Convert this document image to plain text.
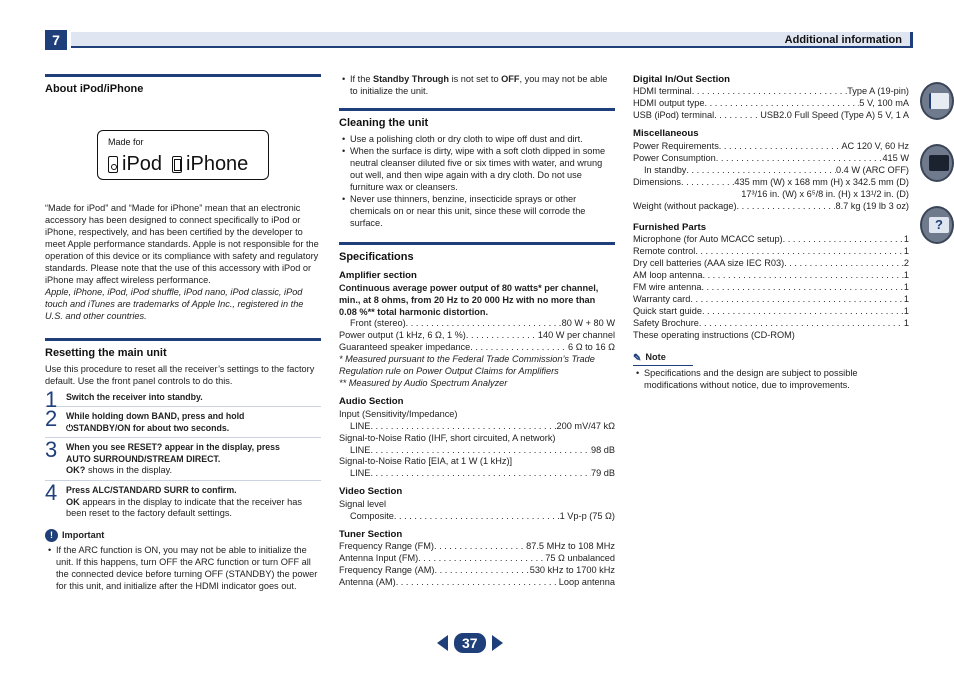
7	Additional information
About iPod/iPhone
Made for
iPod iPhone

“Made for iPod” and “Made for iPhone” mean that an electronic accessory has been designed to connect specifically to iPod or iPhone, respectively, and has been certified by the developer to meet Apple performance standards. Apple is not responsible for the operation of this device or its compliance with safety and regulatory standards. Please note that the use of this accessory with iPod or iPhone may affect wireless performance.

Apple, iPhone, iPod, iPod shuffle, iPod nano, iPod classic, iPod touch and iTunes are trademarks of Apple Inc., registered in the U.S. and other countries.

Resetting the main unit

Use this procedure to reset all the receiver’s settings to the factory default. Use the front panel controls to do this.

1 Switch the receiver into standby.
2 While holding down BAND, press and hold
⏻STANDBY/ON for about two seconds.
3 When you see RESET? appear in the display, press
AUTO SURROUND/STREAM DIRECT.

OK? shows in the display.

4 Press ALC/STANDARD SURR to confirm.

OK appears in the display to indicate that the receiver has been reset to the factory default settings.

! Important

• If the ARC function is ON, you may not be able to initialize the unit. If this happens, turn OFF the ARC function or turn OFF all the connected device before turning OFF (STANDBY) the power for this unit, and initialize after the HDMI indicator goes out.

• If the Standby Through is not set to OFF, you may not be able to initialize the unit.

Cleaning the unit

• Use a polishing cloth or dry cloth to wipe off dust and dirt.

• When the surface is dirty, wipe with a soft cloth dipped in some neutral cleanser diluted five or six times with water, and wrung out well, and then wipe again with a dry cloth. Do not use furniture wax or cleansers.

• Never use thinners, benzine, insecticide sprays or other chemicals on or near this unit, since these will corrode the surface.

Specifications
Amplifier section

Continuous average power output of 80 watts* per channel, min., at 8 ohms, from 20 Hz to 20 000 Hz with no more than 0.08 %** total harmonic distortion.

Front (stereo) . . .	80 W + 80 W
Power output (1 kHz, 6 Ω, 1 %) . . .	140 W per channel
Guaranteed speaker impedance . . .	6 Ω to 16 Ω

* Measured pursuant to the Federal Trade Commission’s Trade Regulation rule on Power Output Claims for Amplifiers

** Measured by Audio Spectrum Analyzer

Audio Section

Input (Sensitivity/Impedance)

LINE . . .	200 mV/47 kΩ

Signal-to-Noise Ratio (IHF, short circuited, A network)

LINE . . .	98 dB

Signal-to-Noise Ratio [EIA, at 1 W (1 kHz)]

LINE . . .	79 dB
Video Section

Signal level

Composite . . .	1 Vp-p (75 Ω)
Tuner Section
Frequency Range (FM) . . .	87.5 MHz to 108 MHz
Antenna Input (FM) . . .	75 Ω unbalanced
Frequency Range (AM) . . .	530 kHz to 1700 kHz
Antenna (AM) . . .	Loop antenna
Digital In/Out Section
HDMI terminal . . .	Type A (19-pin)
HDMI output type . . .	5 V, 100 mA
USB (iPod) terminal . . .	USB2.0 Full Speed (Type A) 5 V, 1 A
Miscellaneous
Power Requirements . . .	AC 120 V, 60 Hz
Power Consumption . . .	415 W
In standby . . .	0.4 W (ARC OFF)
Dimensions . . .	435 mm (W) x 168 mm (H) x 342.5 mm (D)

17³/16 in. (W) x 6⁵/8 in. (H) x 13¹/2 in. (D)

Weight (without package) . . .	8.7 kg (19 lb 3 oz)
Furnished Parts
Microphone (for Auto MCACC setup) . . .	1
Remote control . . .	1
Dry cell batteries (AAA size IEC R03) . . .	2
AM loop antenna . . .	1
FM wire antenna . . .	1
Warranty card . . .	1
Quick start guide . . .	1
Safety Brochure . . .	1

These operating instructions (CD-ROM)

✎ Note

• Specifications and the design are subject to possible modifications without notice, due to improvements.

?
37
